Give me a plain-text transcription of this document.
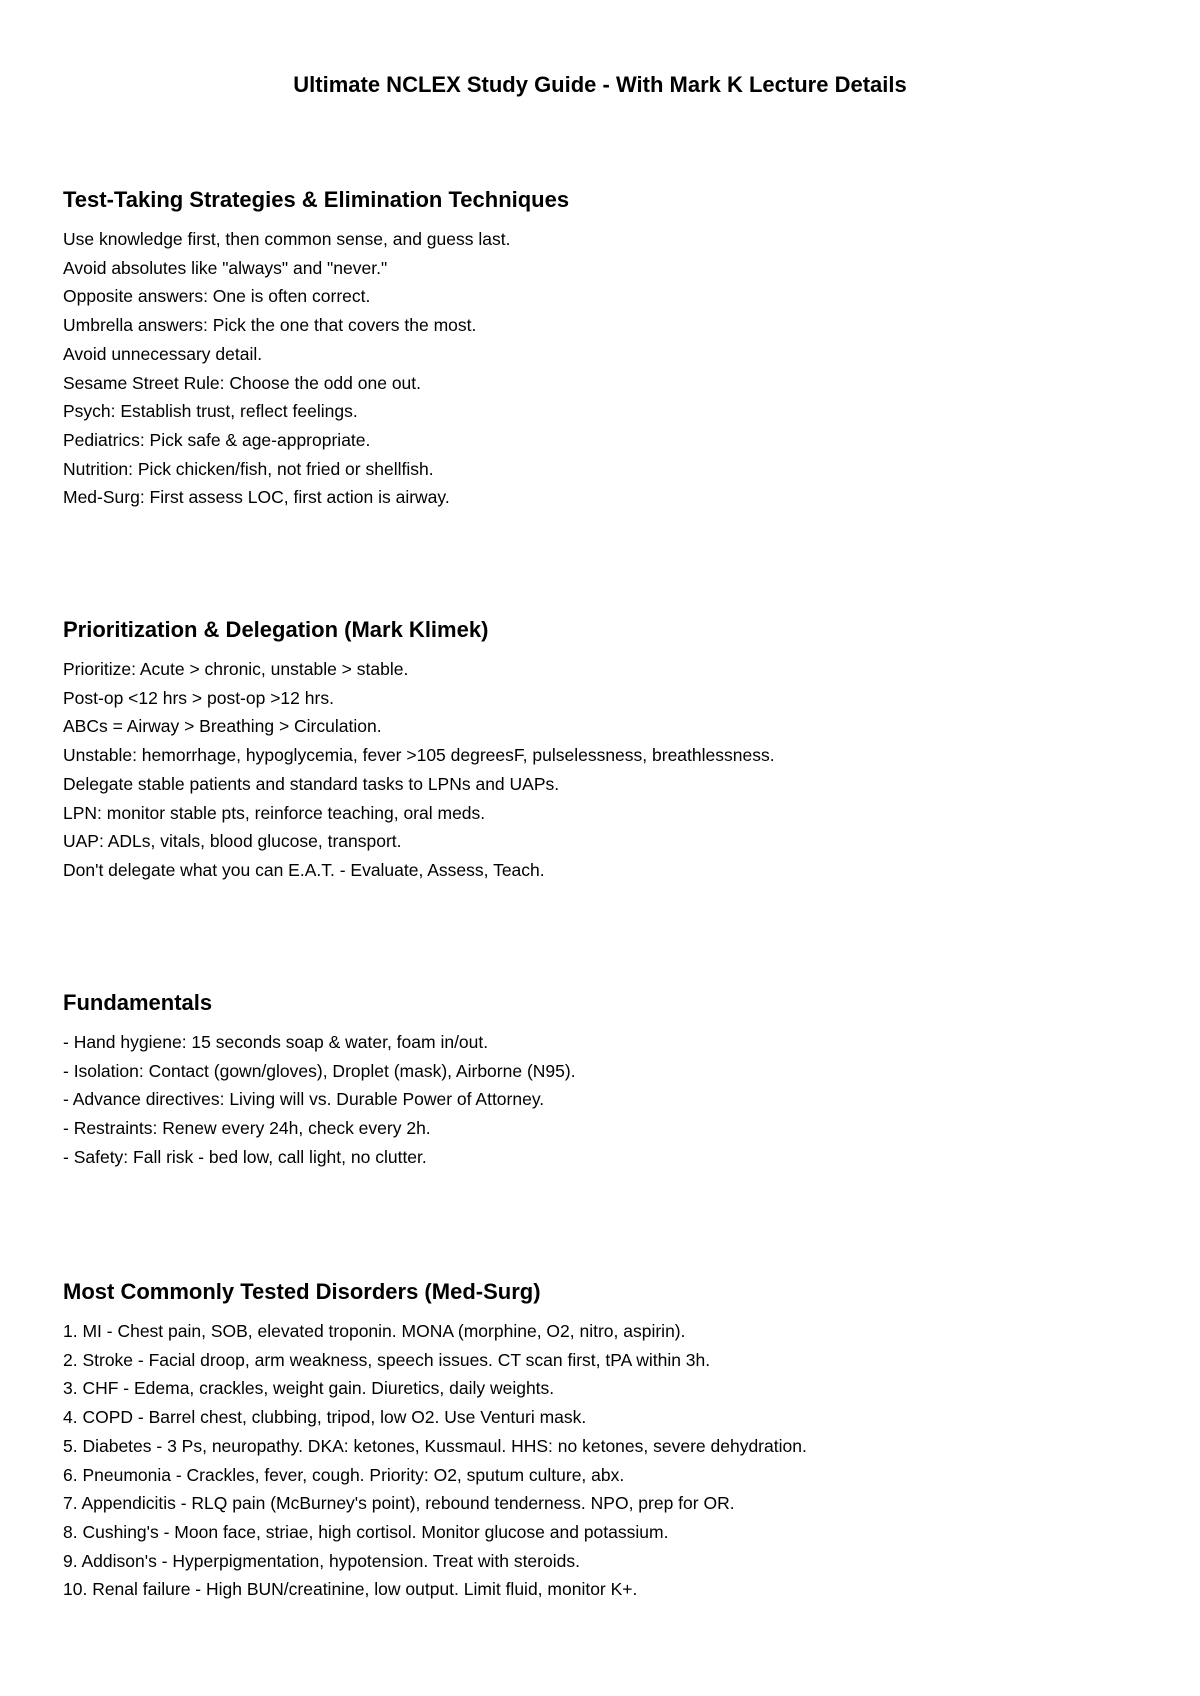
Ultimate NCLEX Study Guide - With Mark K Lecture Details
Test-Taking Strategies & Elimination Techniques
Use knowledge first, then common sense, and guess last.
Avoid absolutes like "always" and "never."
Opposite answers: One is often correct.
Umbrella answers: Pick the one that covers the most.
Avoid unnecessary detail.
Sesame Street Rule: Choose the odd one out.
Psych: Establish trust, reflect feelings.
Pediatrics: Pick safe & age-appropriate.
Nutrition: Pick chicken/fish, not fried or shellfish.
Med-Surg: First assess LOC, first action is airway.
Prioritization & Delegation (Mark Klimek)
Prioritize: Acute > chronic, unstable > stable.
Post-op <12 hrs > post-op >12 hrs.
ABCs = Airway > Breathing > Circulation.
Unstable: hemorrhage, hypoglycemia, fever >105 degreesF, pulselessness, breathlessness.
Delegate stable patients and standard tasks to LPNs and UAPs.
LPN: monitor stable pts, reinforce teaching, oral meds.
UAP: ADLs, vitals, blood glucose, transport.
Don't delegate what you can E.A.T. - Evaluate, Assess, Teach.
Fundamentals
- Hand hygiene: 15 seconds soap & water, foam in/out.
- Isolation: Contact (gown/gloves), Droplet (mask), Airborne (N95).
- Advance directives: Living will vs. Durable Power of Attorney.
- Restraints: Renew every 24h, check every 2h.
- Safety: Fall risk - bed low, call light, no clutter.
Most Commonly Tested Disorders (Med-Surg)
1. MI - Chest pain, SOB, elevated troponin. MONA (morphine, O2, nitro, aspirin).
2. Stroke - Facial droop, arm weakness, speech issues. CT scan first, tPA within 3h.
3. CHF - Edema, crackles, weight gain. Diuretics, daily weights.
4. COPD - Barrel chest, clubbing, tripod, low O2. Use Venturi mask.
5. Diabetes - 3 Ps, neuropathy. DKA: ketones, Kussmaul. HHS: no ketones, severe dehydration.
6. Pneumonia - Crackles, fever, cough. Priority: O2, sputum culture, abx.
7. Appendicitis - RLQ pain (McBurney's point), rebound tenderness. NPO, prep for OR.
8. Cushing's - Moon face, striae, high cortisol. Monitor glucose and potassium.
9. Addison's - Hyperpigmentation, hypotension. Treat with steroids.
10. Renal failure - High BUN/creatinine, low output. Limit fluid, monitor K+.
